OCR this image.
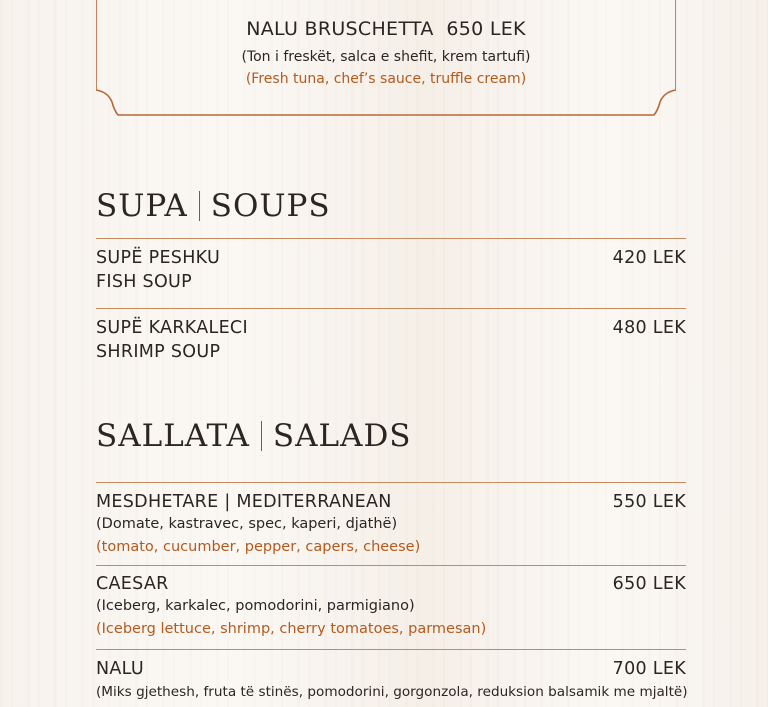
NALU BRUSCHETTA  650 LEK
(Ton i freskët, salca e shefit, krem tartufi)
(Fresh tuna, chef’s sauce, truffle cream)
SUPA SOUPS
SUPË PESHKU
FISH SOUP
420 LEK
SUPË KARKALECI
SHRIMP SOUP
480 LEK
SALLATA SALADS
MESDHETARE | MEDITERRANEAN	550 LEK
(Domate, kastravec, spec, kaperi, djathë)
(tomato, cucumber, pepper, capers, cheese)
CAESAR	650 LEK
(Iceberg, karkalec, pomodorini, parmigiano)
(Iceberg lettuce, shrimp, cherry tomatoes, parmesan)
NALU	700 LEK
(Miks gjethesh, fruta të stinës, pomodorini, gorgonzola, reduksion balsamik me mjaltë)
